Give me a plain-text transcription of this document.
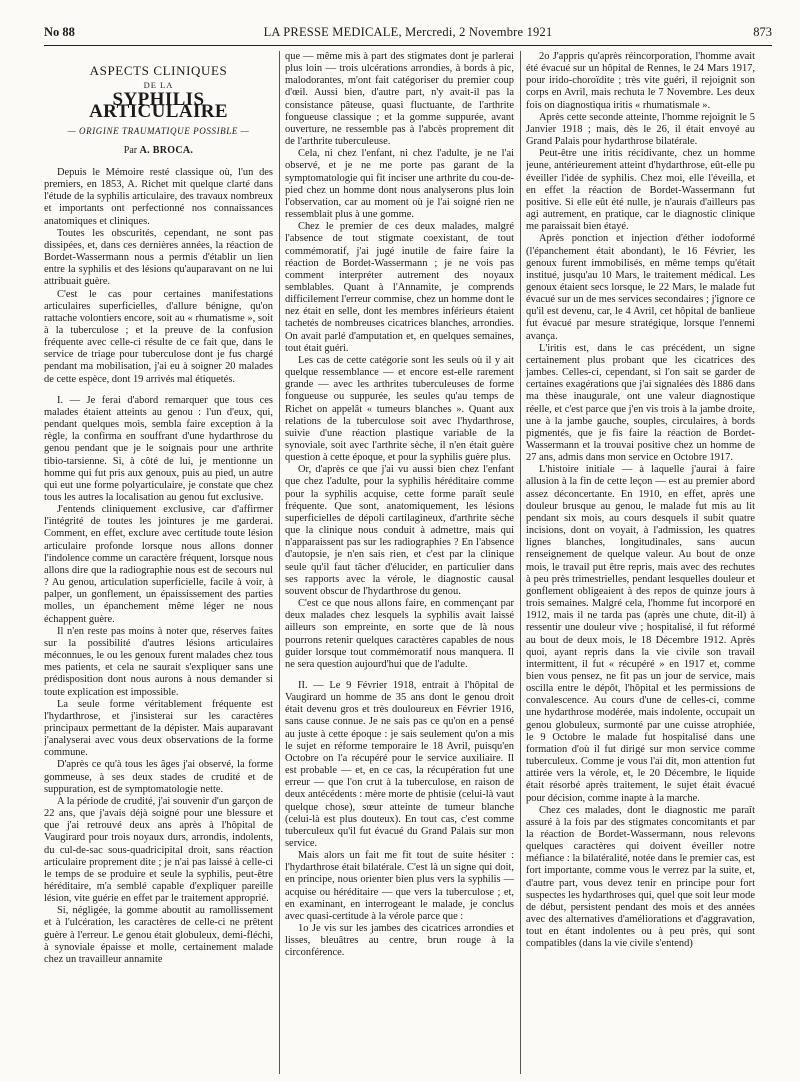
No 88	LA PRESSE MEDICALE, Mercredi, 2 Novembre 1921	873
ASPECTS CLINIQUES
DE LA
SYPHILIS ARTICULAIRE
— ORIGINE TRAUMATIQUE POSSIBLE —
Par A. BROCA.

Depuis le Mémoire resté classique où, l'un des premiers, en 1853, A. Richet mit quelque clarté dans l'étude de la syphilis articulaire, des travaux nombreux et importants ont perfectionné nos connaissances anatomiques et cliniques.

Toutes les obscurités, cependant, ne sont pas dissipées, et, dans ces dernières années, la réaction de Bordet-Wassermann nous a permis d'établir un lien entre la syphilis et des lésions qu'auparavant on ne lui attribuait guère.

C'est le cas pour certaines manifestations articulaires superficielles, d'allure bénigne, qu'on rattache volontiers encore, soit au « rhumatisme », soit à la tuberculose ; et la preuve de la confusion fréquente avec celle-ci résulte de ce fait que, dans le service de triage pour tuberculose dont je fus chargé pendant ma mobilisation, j'ai eu à soigner 20 malades de cette espèce, dont 19 arrivés mal étiquetés.

I. — Je ferai d'abord remarquer que tous ces malades étaient atteints au genou : l'un d'eux, qui, pendant quelques mois, sembla faire exception à la règle, la confirma en souffrant d'une hydarthrose du genou pendant que je le soignais pour une arthrite tibio-tarsienne. Si, à côté de lui, je mentionne un homme qui fut pris aux genoux, puis au pied, un autre qui eut une forme polyarticulaire, je constate que chez tous les autres la localisation au genou fut exclusive.

J'entends cliniquement exclusive, car d'affirmer l'intégrité de toutes les jointures je me garderai. Comment, en effet, exclure avec certitude toute lésion articulaire profonde lorsque nous allons donner l'indolence comme un caractère fréquent, lorsque nous allons dire que la radiographie nous est de secours nul ? Au genou, articulation superficielle, facile à voir, à palper, un gonflement, un épaississement des parties molles, un épanchement même léger ne nous échappent guère.

Il n'en reste pas moins à noter que, réserves faites sur la possibilité d'autres lésions articulaires méconnues, le ou les genoux furent malades chez tous mes patients, et cela ne saurait s'expliquer sans une prédisposition dont nous aurons à nous demander si toute explication est impossible.

La seule forme véritablement fréquente est l'hydarthrose, et j'insisterai sur les caractères principaux permettant de la dépister. Mais auparavant j'analyserai avec vous deux observations de la forme commune.

D'après ce qu'à tous les âges j'ai observé, la forme gommeuse, à ses deux stades de crudité et de suppuration, est de symptomatologie nette.

A la période de crudité, j'ai souvenir d'un garçon de 22 ans, que j'avais déjà soigné pour une blessure et que j'ai retrouvé deux ans après à l'hôpital de Vaugirard pour trois noyaux durs, arrondis, indolents, du cul-de-sac sous-quadricipital droit, sans réaction articulaire proprement dite ; je n'ai pas laissé à celle-ci le temps de se produire et seule la syphilis, peut-être héréditaire, m'a semblé capable d'expliquer pareille lésion, vite guérie en effet par le traitement approprié.

Si, négligée, la gomme aboutit au ramollissement et à l'ulcération, les caractères de celle-ci ne prêtent guère à l'erreur. Le genou était globuleux, demi-fléchi, à synoviale épaisse et molle, certainement malade chez un travailleur annamite

que — même mis à part des stigmates dont je parlerai plus loin — trois ulcérations arrondies, à bords à pic, malodorantes, m'ont fait catégoriser du premier coup d'œil. Aussi bien, d'autre part, n'y avait-il pas la consistance pâteuse, quasi fluctuante, de l'arthrite fongueuse classique ; et la gomme suppurée, avant ouverture, ne ressemble pas à l'abcès proprement dit de l'arthrite tuberculeuse.

Cela, ni chez l'enfant, ni chez l'adulte, je ne l'ai observé, et je ne me porte pas garant de la symptomatologie qui fit inciser une arthrite du cou-de-pied chez un homme dont nous analyserons plus loin l'observation, car au moment où je l'ai soigné rien ne ressemblait plus à une gomme.

Chez le premier de ces deux malades, malgré l'absence de tout stigmate coexistant, de tout commémoratif, j'ai jugé inutile de faire faire la réaction de Bordet-Wassermann ; je ne vois pas comment interpréter autrement des noyaux semblables. Quant à l'Annamite, je comprends difficilement l'erreur commise, chez un homme dont le nez était en selle, dont les membres inférieurs étaient tachetés de nombreuses cicatrices blanches, arrondies. On avait parlé d'amputation et, en quelques semaines, tout était guéri.

Les cas de cette catégorie sont les seuls où il y ait quelque ressemblance — et encore est-elle rarement grande — avec les arthrites tuberculeuses de forme fongueuse ou suppurée, les seules qu'au temps de Richet on appelât « tumeurs blanches ». Quant aux relations de la tuberculose soit avec l'hydarthrose, suivie d'une réaction plastique variable de la synoviale, soit avec l'arthrite sèche, il n'en était guère question à cette époque, et pour la syphilis guère plus.

Or, d'après ce que j'ai vu aussi bien chez l'enfant que chez l'adulte, pour la syphilis héréditaire comme pour la syphilis acquise, cette forme paraît seule fréquente. Que sont, anatomiquement, les lésions superficielles de dépoli cartilagineux, d'arthrite sèche que la clinique nous conduit à admettre, mais qui n'apparaissent pas sur les radiographies ? En l'absence d'autopsie, je n'en sais rien, et c'est par la clinique seule qu'il faut tâcher d'élucider, en particulier dans ses rapports avec la vérole, le diagnostic causal souvent obscur de l'hydarthrose du genou.

C'est ce que nous allons faire, en commençant par deux malades chez lesquels la syphilis avait laissé ailleurs son empreinte, en sorte que de là nous pourrons retenir quelques caractères capables de nous guider lorsque tout commémoratif nous manquera. Il ne sera question aujourd'hui que de l'adulte.

II. — Le 9 Février 1918, entrait à l'hôpital de Vaugirard un homme de 35 ans dont le genou droit était devenu gros et très douloureux en Février 1916, sans cause connue. Je ne sais pas ce qu'on en a pensé au juste à cette époque : je sais seulement qu'on a mis le sujet en réforme temporaire le 18 Avril, puisqu'en Octobre on l'a récupéré pour le service auxiliaire. Il est probable — et, en ce cas, la récupération fut une erreur — que l'on crut à la tuberculose, en raison de deux antécédents : mère morte de phtisie (celui-là vaut quelque chose), sœur atteinte de tumeur blanche (celui-là est plus douteux). En tout cas, c'est comme tuberculeux qu'il fut évacué du Grand Palais sur mon service.

Mais alors un fait me fit tout de suite hésiter : l'hydarthrose était bilatérale. C'est là un signe qui doit, en principe, nous orienter bien plus vers la syphilis — acquise ou héréditaire — que vers la tuberculose ; et, en examinant, en interrogeant le malade, je conclus avec quasi-certitude à la vérole parce que :

1o Je vis sur les jambes des cicatrices arrondies et lisses, bleuâtres au centre, brun rouge à la circonférence.

2o J'appris qu'après réincorporation, l'homme avait été évacué sur un hôpital de Rennes, le 24 Mars 1917, pour irido-choroïdite ; très vite guéri, il rejoignit son corps en Avril, mais rechuta le 7 Novembre. Les deux fois on diagnostiqua iritis « rhumatismale ».

Après cette seconde atteinte, l'homme rejoignit le 5 Janvier 1918 ; mais, dès le 26, il était envoyé au Grand Palais pour hydarthrose bilatérale.

Peut-être une iritis récidivante, chez un homme jeune, antérieurement atteint d'hydarthrose, eût-elle pu éveiller l'idée de syphilis. Chez moi, elle l'éveilla, et en effet la réaction de Bordet-Wassermann fut positive. Si elle eût été nulle, je n'aurais d'ailleurs pas agi autrement, en pratique, car le diagnostic clinique me paraissait bien étayé.

Après ponction et injection d'éther iodoformé (l'épanchement était abondant), le 16 Février, les genoux furent immobilisés, en même temps qu'était institué, jusqu'au 10 Mars, le traitement médical. Les genoux étaient secs lorsque, le 22 Mars, le malade fut évacué sur un de mes services secondaires ; j'ignore ce qu'il est devenu, car, le 4 Avril, cet hôpital de banlieue fut évacué par mesure stratégique, lorsque l'ennemi avança.

L'iritis est, dans le cas précédent, un signe certainement plus probant que les cicatrices des jambes. Celles-ci, cependant, si l'on sait se garder de certaines exagérations que j'ai signalées dès 1886 dans ma thèse inaugurale, ont une valeur diagnostique réelle, et c'est parce que j'en vis trois à la jambe droite, une à la jambe gauche, souples, circulaires, à bords pigmentés, que je fis faire la réaction de Bordet-Wassermann et la trouvai positive chez un homme de 27 ans, admis dans mon service en Octobre 1917.

L'histoire initiale — à laquelle j'aurai à faire allusion à la fin de cette leçon — est au premier abord assez déconcertante. En 1910, en effet, après une douleur brusque au genou, le malade fut mis au lit pendant six mois, au cours desquels il subit quatre incisions, dont on voyait, à l'admission, les quatres lignes blanches, longitudinales, sans aucun renseignement de quelque valeur. Au bout de onze mois, le travail put être repris, mais avec des rechutes à peu près trimestrielles, pendant lesquelles douleur et gonflement obligeaient à des repos de quinze jours à trois semaines. Malgré cela, l'homme fut incorporé en 1912, mais il ne tarda pas (après une chute, dit-il) à ressentir une douleur vive ; hospitalisé, il fut réformé au bout de deux mois, le 18 Décembre 1912. Après quoi, ayant repris dans la vie civile son travail intermittent, il fut « récupéré » en 1917 et, comme bien vous pensez, ne fit pas un jour de service, mais oscilla entre le dépôt, l'hôpital et les permissions de convalescence. Au cours d'une de celles-ci, comme une hydarthrose modérée, mais indolente, occupait un genou globuleux, surmonté par une cuisse atrophiée, le 9 Octobre le malade fut hospitalisé dans une formation d'où il fut dirigé sur mon service comme tuberculeux. Comme je vous l'ai dit, mon attention fut attirée vers la vérole, et, le 20 Décembre, le liquide était résorbé après traitement, le sujet était évacué pour décision, comme inapte à la marche.

Chez ces malades, dont le diagnostic me paraît assuré à la fois par des stigmates concomitants et par la réaction de Bordet-Wassermann, nous relevons quelques caractères qui doivent éveiller notre méfiance : la bilatéralité, notée dans le premier cas, est fort importante, comme vous le verrez par la suite, et, d'autre part, vous devez tenir en principe pour fort suspectes les hydarthroses qui, quel que soit leur mode de début, persistent pendant des mois et des années avec des alternatives d'améliorations et d'aggravation, tout en étant indolentes ou à peu près, qui sont compatibles (dans la vie civile s'entend)
